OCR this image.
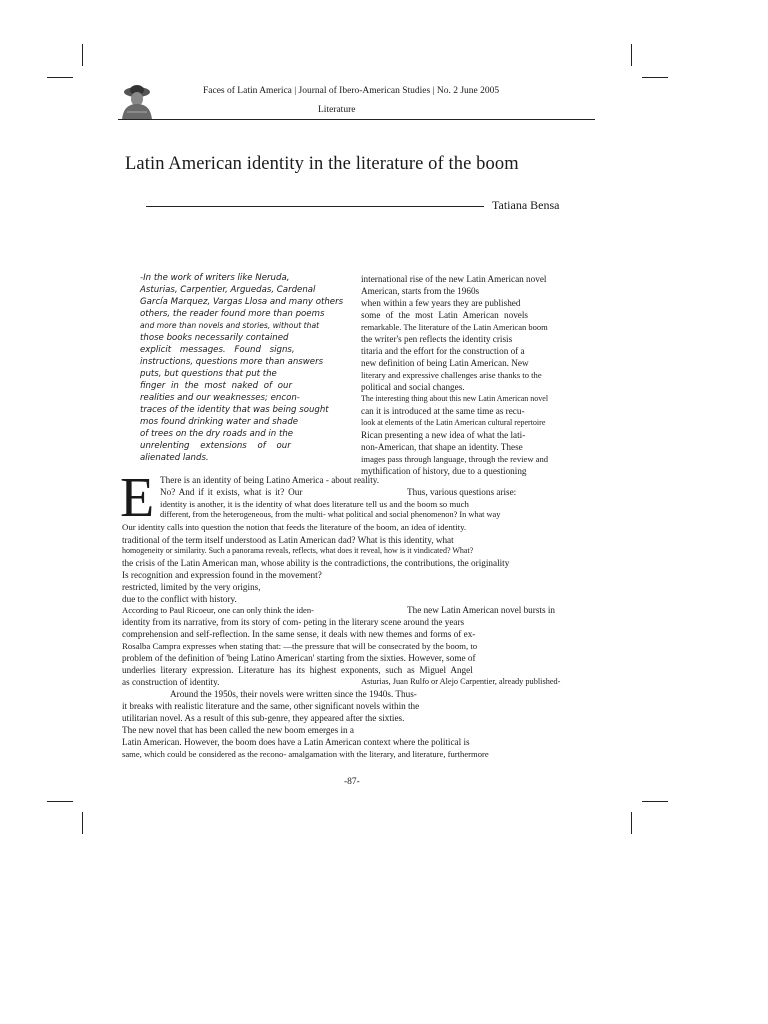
Faces of Latin America | Journal of Ibero-American Studies | No. 2 June 2005
Literature
Latin American identity in the literature of the boom
Tatiana Bensa
-In the work of writers like Neruda,
Asturias, Carpentier, Arguedas, Cardenal
García Marquez, Vargas Llosa and many others
others, the reader found more than poems
and more than novels and stories, without that
those books necessarily contained
explicit messages. Found signs,
instructions, questions more than answers
puts, but questions that put the
finger in the most naked of our
realities and our weaknesses; encon-
traces of the identity that was being sought
mos found drinking water and shade
of trees on the dry roads and in the
unrelenting extensions of our
alienated lands.
international rise of the new Latin American novel
American, starts from the 1960s
when within a few years they are published
some of the most Latin American novels
remarkable. The literature of the Latin American boom
the writer's pen reflects the identity crisis
titaria and the effort for the construction of a
new definition of being Latin American. New
literary and expressive challenges arise thanks to the
political and social changes.
The interesting thing about this new Latin American novel
can it is introduced at the same time as recu-
look at elements of the Latin American cultural repertoire
Rican presenting a new idea of what the lati-
non-American, that shape an identity. These
images pass through language, through the review and
mythification of history, due to a questioning
E There is an identity of being Latino America - about reality.
No? And if it exists, what is it? Our	Thus, various questions arise:
identity is another, it is the identity of what does literature tell us and the boom so much
different, from the heterogeneous, from the multi- what political and social phenomenon? In what way
Our identity calls into question the notion that feeds the literature of the boom, an idea of identity.
traditional of the term itself understood as Latin American dad? What is this identity, what
homogeneity or similarity. Such a panorama reveals, reflects, what does it reveal, how is it vindicated? What?
the crisis of the Latin American man, whose ability is the contradictions, the contributions, the originality
Is recognition and expression found in the movement?
restricted, limited by the very origins,
due to the conflict with history.
According to Paul Ricoeur, one can only think the iden-	The new Latin American novel bursts in
identity from its narrative, from its story of com- peting in the literary scene around the years
comprehension and self-reflection. In the same sense, it deals with new themes and forms of ex-
Rosalba Campra expresses when stating that: —the pressure that will be consecrated by the boom, to
problem of the definition of 'being Latino American' starting from the sixties. However, some of
underlies literary expression. Literature has its highest exponents, such as Miguel Angel
as construction of identity.	Asturias, Juan Rulfo or Alejo Carpentier, already published-
Around the 1950s, their novels were written since the 1940s. Thus-
it breaks with realistic literature and the same, other significant novels within the
utilitarian novel. As a result of this sub-genre, they appeared after the sixties.
The new novel that has been called the new boom emerges in a
Latin American. However, the boom does have a Latin American context where the political is
same, which could be considered as the recono- amalgamation with the literary, and literature, furthermore
-87-
